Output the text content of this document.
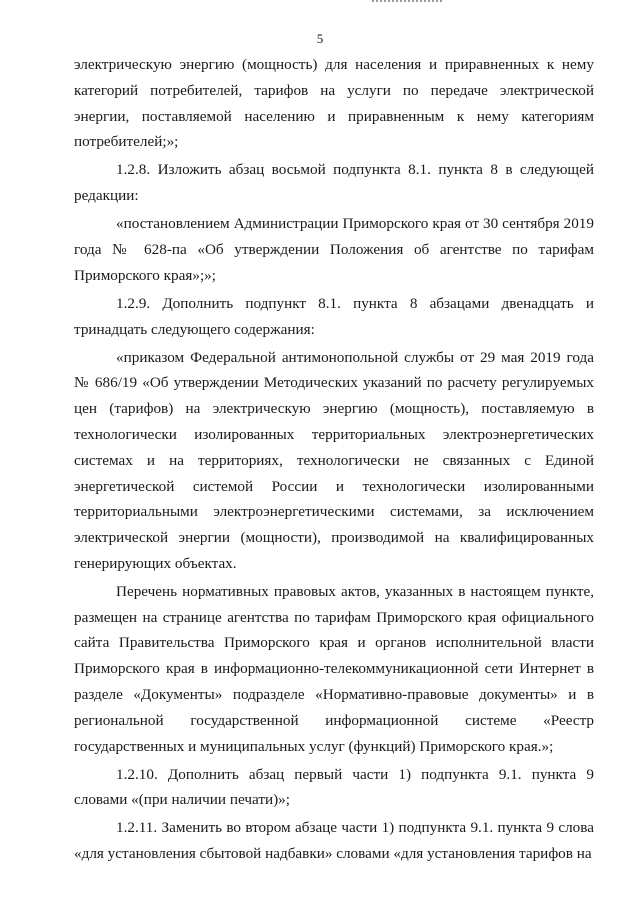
5

электрическую энергию (мощность) для населения и приравненных к нему категорий потребителей, тарифов на услуги по передаче электрической энергии, поставляемой населению и приравненным к нему категориям потребителей;»;

1.2.8. Изложить абзац восьмой подпункта 8.1. пункта 8 в следующей редакции:

«постановлением Администрации Приморского края от 30 сентября 2019 года № 628-па «Об утверждении Положения об агентстве по тарифам Приморского края»;»;

1.2.9. Дополнить подпункт 8.1. пункта 8 абзацами двенадцать и тринадцать следующего содержания:

«приказом Федеральной антимонопольной службы от 29 мая 2019 года № 686/19 «Об утверждении Методических указаний по расчету регулируемых цен (тарифов) на электрическую энергию (мощность), поставляемую в технологически изолированных территориальных электроэнергетических системах и на территориях, технологически не связанных с Единой энергетической системой России и технологически изолированными территориальными электроэнергетическими системами, за исключением электрической энергии (мощности), производимой на квалифицированных генерирующих объектах.

Перечень нормативных правовых актов, указанных в настоящем пункте, размещен на странице агентства по тарифам Приморского края официального сайта Правительства Приморского края и органов исполнительной власти Приморского края в информационно-телекоммуникационной сети Интернет в разделе «Документы» подразделе «Нормативно-правовые документы» и в региональной государственной информационной системе «Реестр государственных и муниципальных услуг (функций) Приморского края.»;

1.2.10. Дополнить абзац первый части 1) подпункта 9.1. пункта 9 словами «(при наличии печати)»;

1.2.11. Заменить во втором абзаце части 1) подпункта 9.1. пункта 9 слова «для установления сбытовой надбавки» словами «для установления тарифов на
